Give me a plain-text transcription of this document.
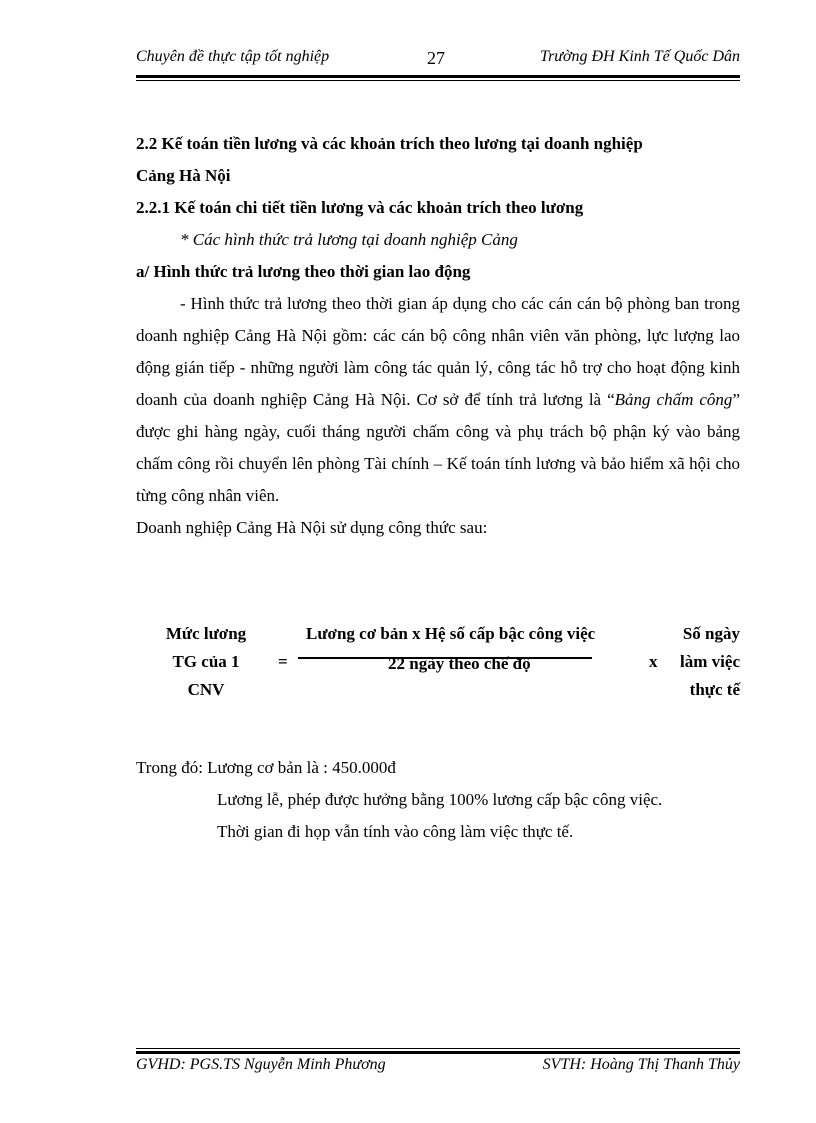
Chuyên đề thực tập tốt nghiệp	27	Trường ĐH Kinh Tế Quốc Dân

2.2 Kế toán tiền lương và các khoản trích theo lương tại doanh nghiệp
Cảng Hà Nội

2.2.1 Kế toán chi tiết tiền lương và các khoản trích theo lương

* Các hình thức trả lương tại doanh nghiệp Cảng

a/ Hình thức trả lương theo thời gian lao động

- Hình thức trả lương theo thời gian áp dụng cho các cán cán bộ phòng ban trong doanh nghiệp Cảng Hà Nội gồm: các cán bộ công nhân viên văn phòng, lực lượng lao động gián tiếp - những người làm công tác quản lý, công tác hỗ trợ cho hoạt động kinh doanh của doanh nghiệp Cảng Hà Nội. Cơ sở để tính trả lương là “Bảng chấm công” được ghi hàng ngày, cuối tháng người chấm công và phụ trách bộ phận ký vào bảng chấm công rồi chuyển lên phòng Tài chính – Kế toán tính lương và bảo hiểm xã hội cho từng công nhân viên.

Doanh nghiệp Cảng Hà Nội sử dụng công thức sau:

Mức lương
TG của 1
CNV
=
Lương cơ bản x Hệ số cấp bậc công việc
22 ngày theo chế độ	x
Số ngày
làm việc
thực tế

Trong đó: Lương cơ bản là : 450.000đ

Lương lễ, phép được hưởng bằng 100% lương cấp bậc công việc.

Thời gian đi họp vẫn tính vào công làm việc thực tế.

GVHD: PGS.TS Nguyễn Minh Phương	SVTH: Hoàng Thị Thanh Thủy
